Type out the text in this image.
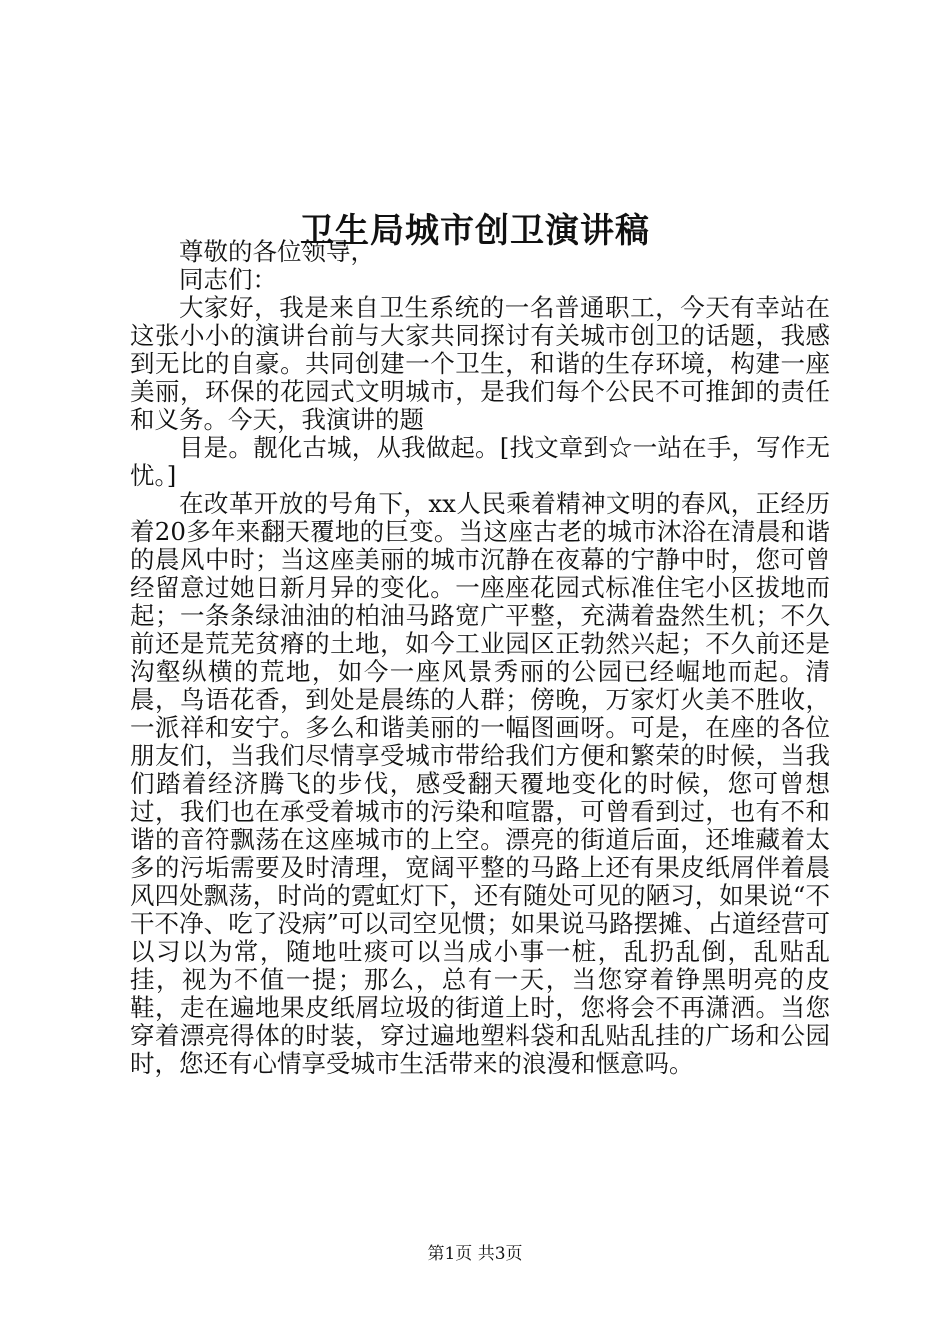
卫生局城市创卫演讲稿

尊敬的各位领导，

同志们：

大家好，我是来自卫生系统的一名普通职工，今天有幸站在这张小小的演讲台前与大家共同探讨有关城市创卫的话题，我感到无比的自豪。共同创建一个卫生，和谐的生存环境，构建一座美丽，环保的花园式文明城市，是我们每个公民不可推卸的责任和义务。今天，我演讲的题

目是。靓化古城，从我做起。[找文章到☆一站在手，写作无忧。]

在改革开放的号角下，xx人民乘着精神文明的春风，正经历着20多年来翻天覆地的巨变。当这座古老的城市沐浴在清晨和谐的晨风中时；当这座美丽的城市沉静在夜幕的宁静中时，您可曾经留意过她日新月异的变化。一座座花园式标准住宅小区拔地而起；一条条绿油油的柏油马路宽广平整，充满着盎然生机；不久前还是荒芜贫瘠的土地，如今工业园区正勃然兴起；不久前还是沟壑纵横的荒地，如今一座风景秀丽的公园已经崛地而起。清晨，鸟语花香，到处是晨练的人群；傍晚，万家灯火美不胜收，一派祥和安宁。多么和谐美丽的一幅图画呀。可是，在座的各位朋友们，当我们尽情享受城市带给我们方便和繁荣的时候，当我们踏着经济腾飞的步伐，感受翻天覆地变化的时候，您可曾想过，我们也在承受着城市的污染和喧嚣，可曾看到过，也有不和谐的音符飘荡在这座城市的上空。漂亮的街道后面，还堆藏着太多的污垢需要及时清理，宽阔平整的马路上还有果皮纸屑伴着晨风四处飘荡，时尚的霓虹灯下，还有随处可见的陋习，如果说“不干不净、吃了没病”可以司空见惯；如果说马路摆摊、占道经营可以习以为常，随地吐痰可以当成小事一桩，乱扔乱倒，乱贴乱挂，视为不值一提；那么，总有一天，当您穿着铮黑明亮的皮鞋，走在遍地果皮纸屑垃圾的街道上时，您将会不再潇洒。当您穿着漂亮得体的时装，穿过遍地塑料袋和乱贴乱挂的广场和公园时，您还有心情享受城市生活带来的浪漫和惬意吗。

第1页 共3页
